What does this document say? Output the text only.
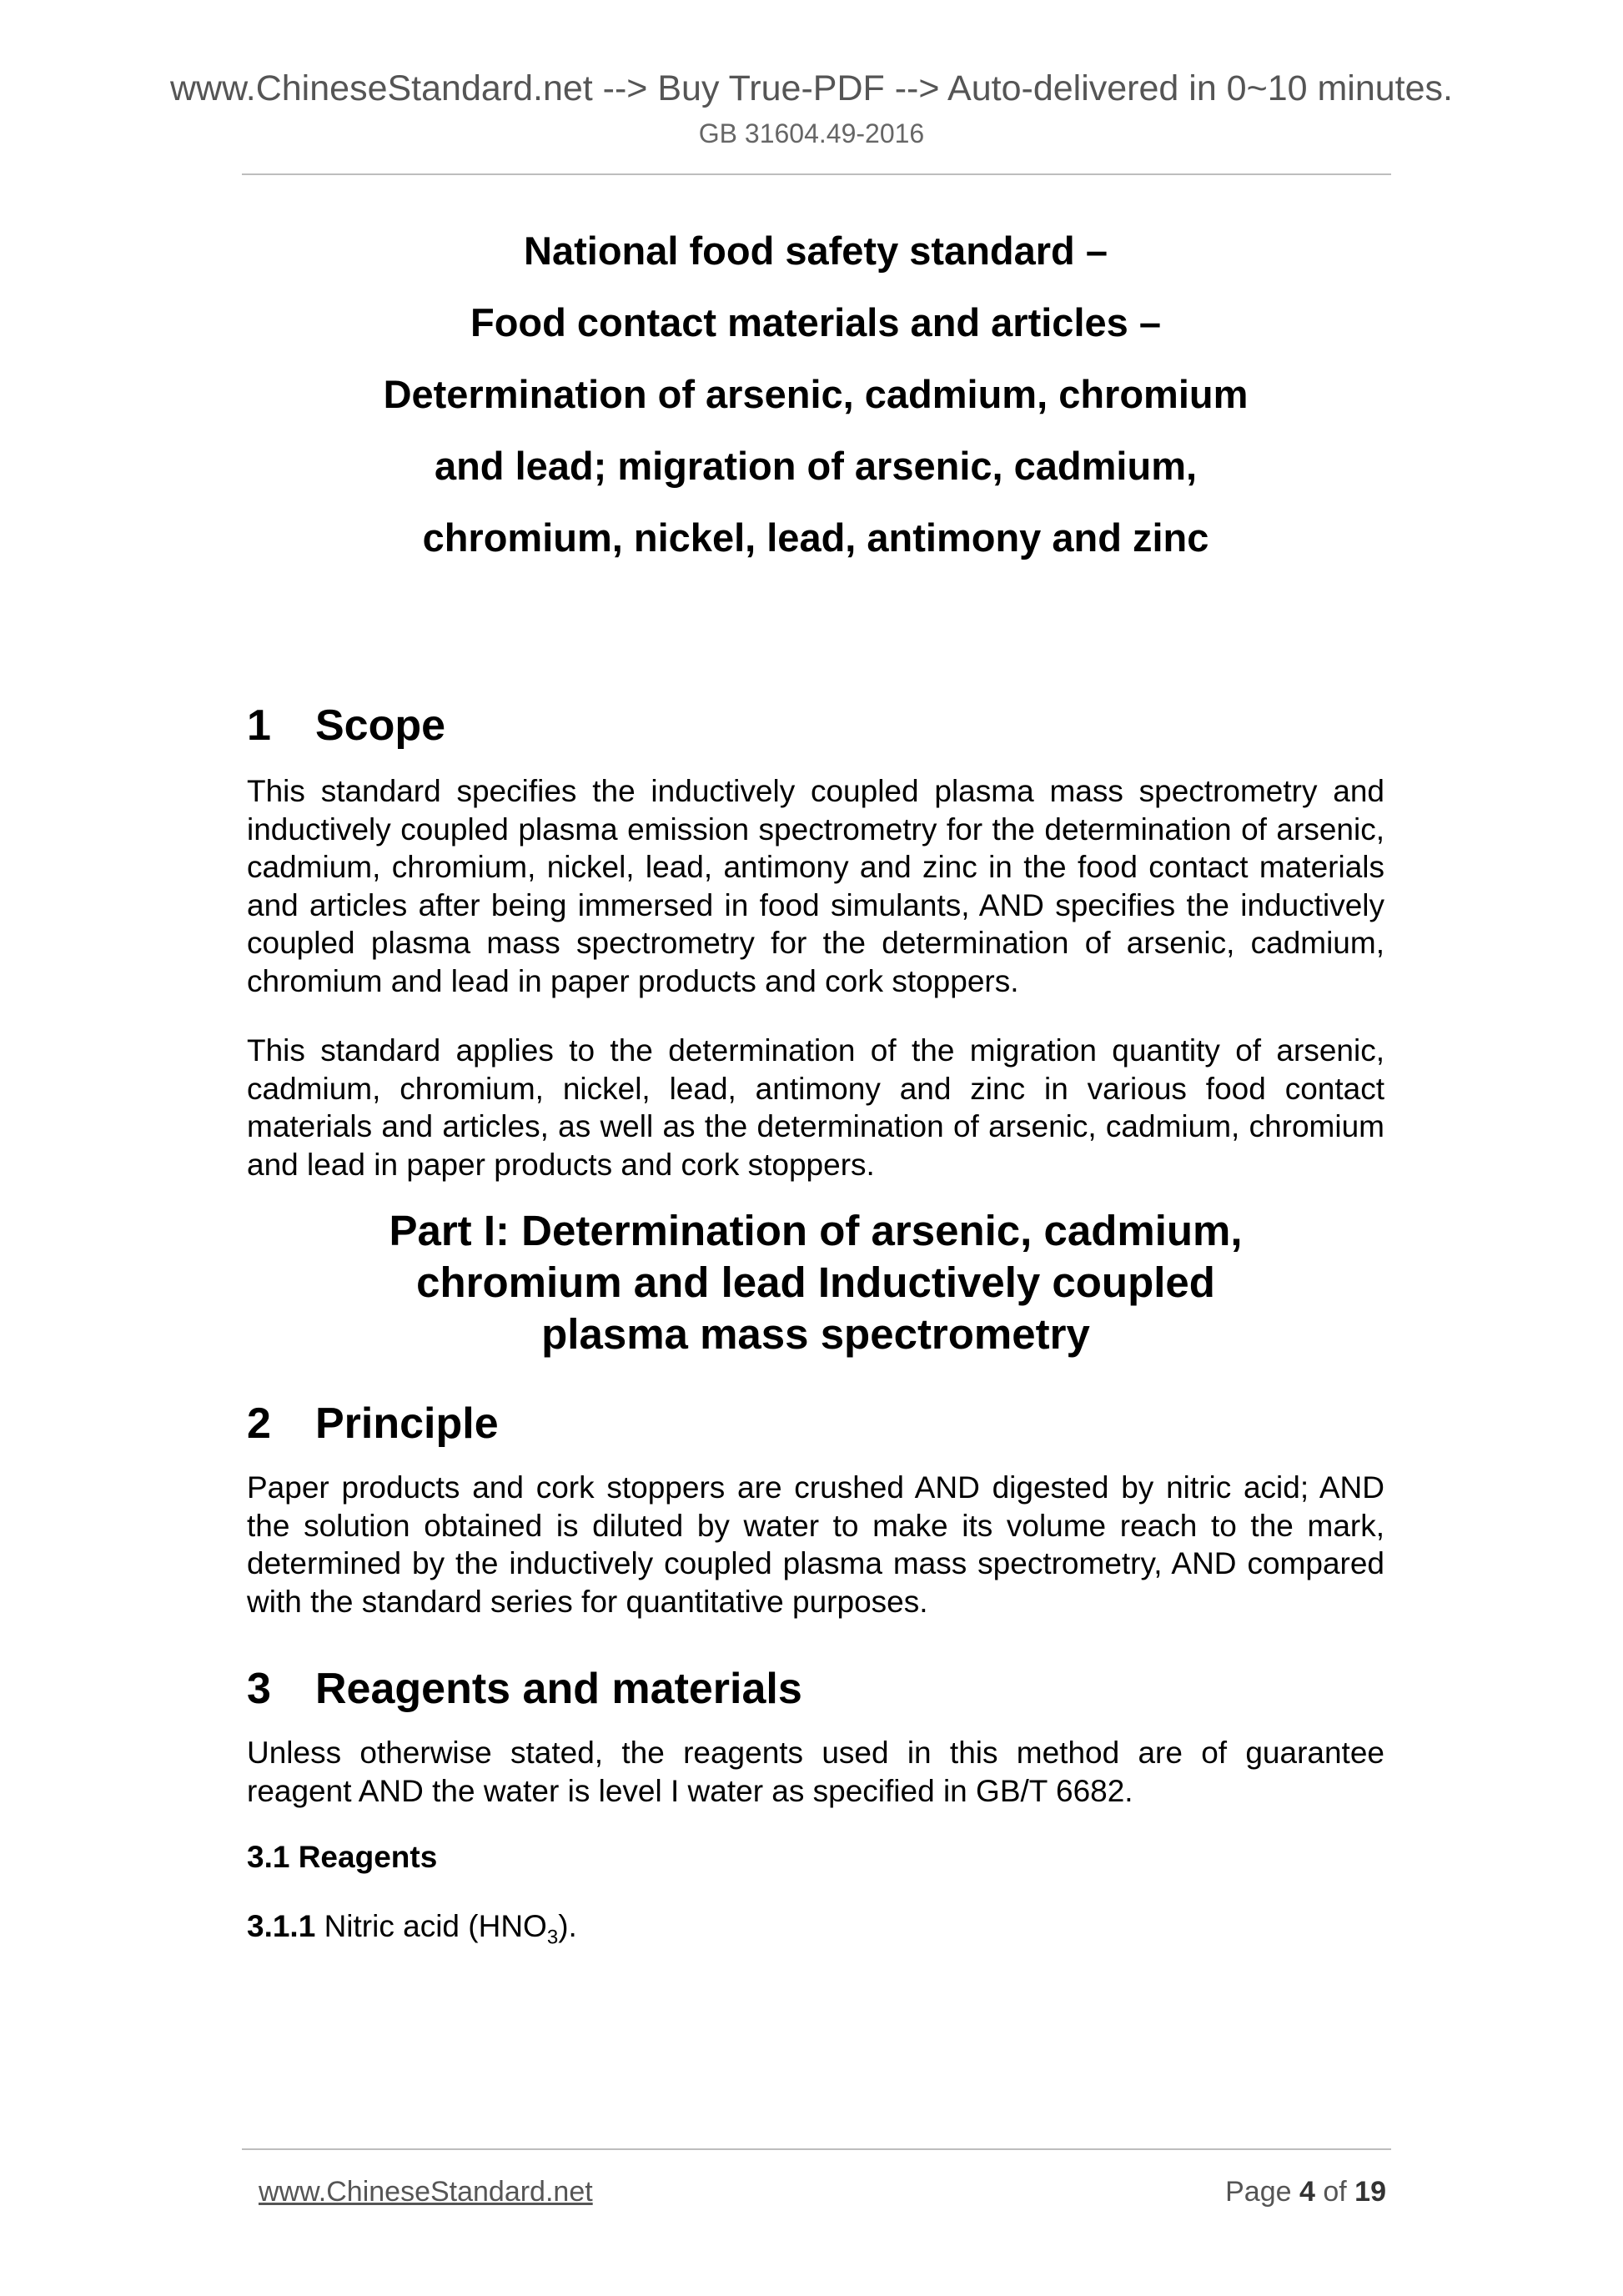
www.ChineseStandard.net --> Buy True-PDF --> Auto-delivered in 0~10 minutes.
GB 31604.49-2016
National food safety standard –
Food contact materials and articles –
Determination of arsenic, cadmium, chromium
and lead; migration of arsenic, cadmium,
chromium, nickel, lead, antimony and zinc
1 Scope

This standard specifies the inductively coupled plasma mass spectrometry and inductively coupled plasma emission spectrometry for the determination of arsenic, cadmium, chromium, nickel, lead, antimony and zinc in the food contact materials and articles after being immersed in food simulants, AND specifies the inductively coupled plasma mass spectrometry for the determination of arsenic, cadmium, chromium and lead in paper products and cork stoppers.

This standard applies to the determination of the migration quantity of arsenic, cadmium, chromium, nickel, lead, antimony and zinc in various food contact materials and articles, as well as the determination of arsenic, cadmium, chromium and lead in paper products and cork stoppers.

Part I: Determination of arsenic, cadmium,
chromium and lead Inductively coupled
plasma mass spectrometry
2 Principle

Paper products and cork stoppers are crushed AND digested by nitric acid; AND the solution obtained is diluted by water to make its volume reach to the mark, determined by the inductively coupled plasma mass spectrometry, AND compared with the standard series for quantitative purposes.

3 Reagents and materials

Unless otherwise stated, the reagents used in this method are of guarantee reagent AND the water is level I water as specified in GB/T 6682.

3.1 Reagents

3.1.1 Nitric acid $(HNO_3)$.

www.ChineseStandard.net	Page 4 of 19
